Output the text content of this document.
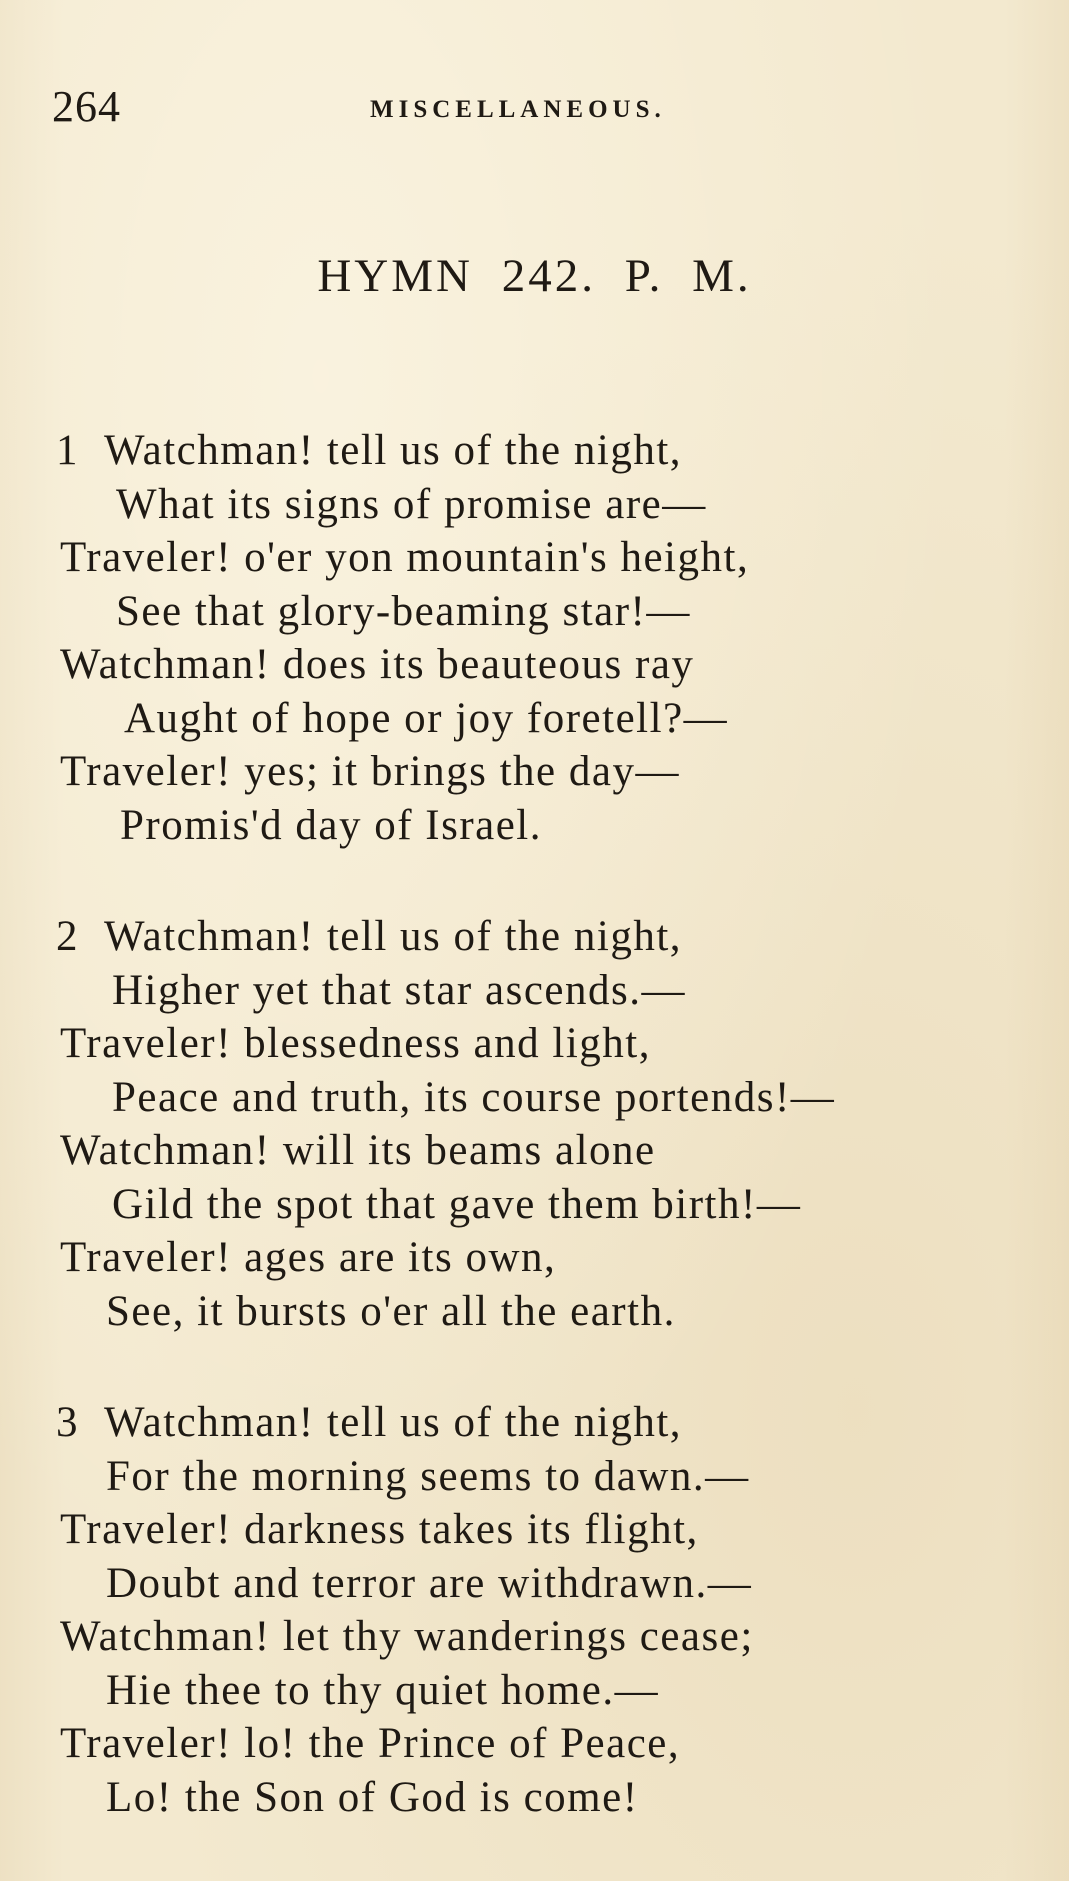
264	MISCELLANEOUS.
HYMN 242. P. M.
1 Watchman! tell us of the night,
What its signs of promise are—
Traveler! o'er yon mountain's height,
See that glory-beaming star!—
Watchman! does its beauteous ray
Aught of hope or joy foretell?—
Traveler! yes; it brings the day—
Promis'd day of Israel.
2 Watchman! tell us of the night,
Higher yet that star ascends.—
Traveler! blessedness and light,
Peace and truth, its course portends!—
Watchman! will its beams alone
Gild the spot that gave them birth!—
Traveler! ages are its own,
See, it bursts o'er all the earth.
3 Watchman! tell us of the night,
For the morning seems to dawn.—
Traveler! darkness takes its flight,
Doubt and terror are withdrawn.—
Watchman! let thy wanderings cease;
Hie thee to thy quiet home.—
Traveler! lo! the Prince of Peace,
Lo! the Son of God is come!
